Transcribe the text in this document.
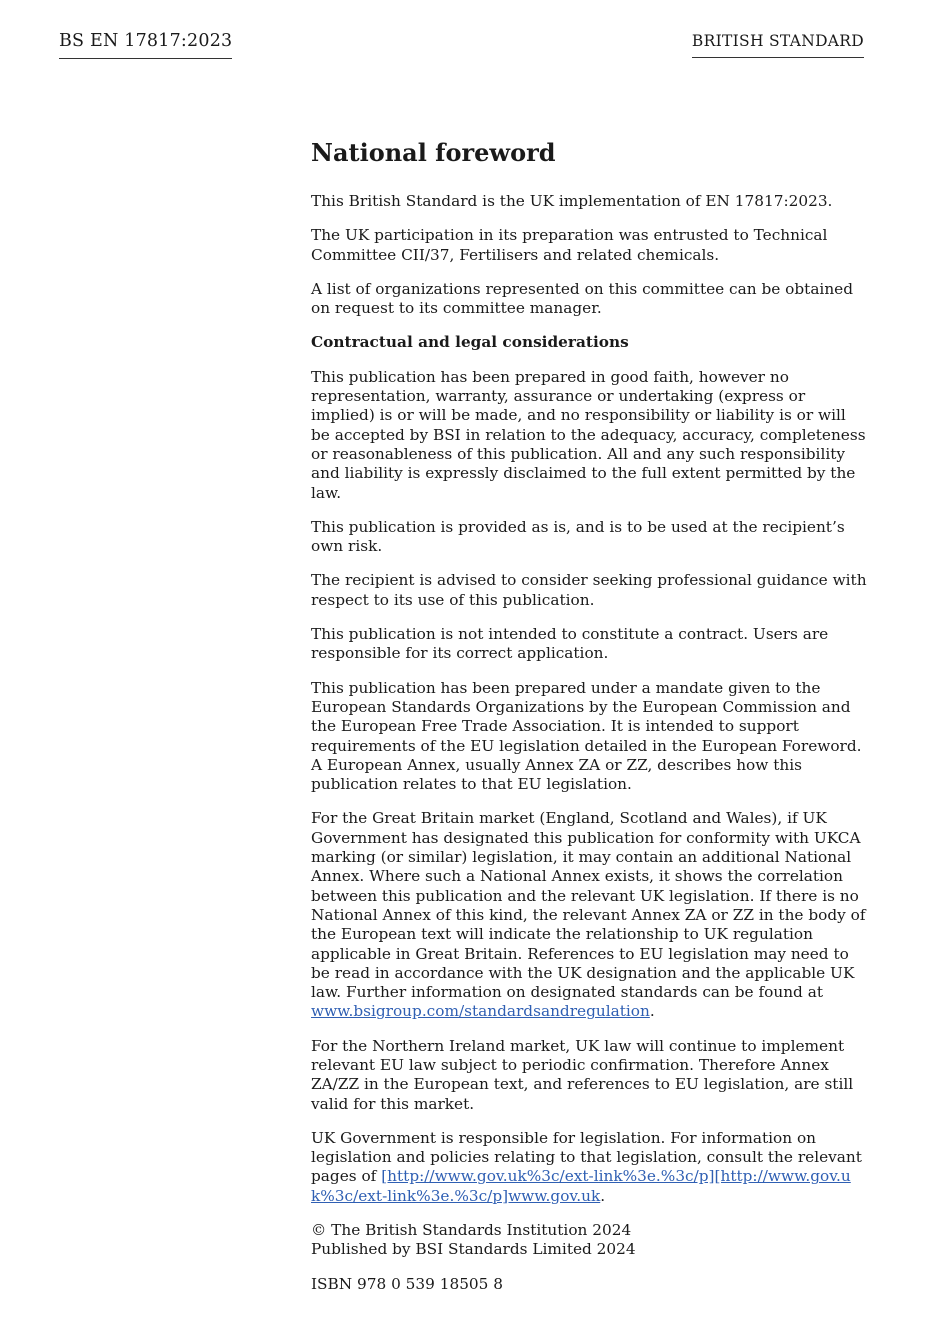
BS EN 17817:2023	BRITISH STANDARD
National foreword

This British Standard is the UK implementation of EN 17817:2023.

The UK participation in its preparation was entrusted to Technical Committee CII/37, Fertilisers and related chemicals.

A list of organizations represented on this committee can be obtained on request to its committee manager.

Contractual and legal considerations

This publication has been prepared in good faith, however no representation, warranty, assurance or undertaking (express or implied) is or will be made, and no responsibility or liability is or will be accepted by BSI in relation to the adequacy, accuracy, completeness or reasonableness of this publication. All and any such responsibility and liability is expressly disclaimed to the full extent permitted by the law.

This publication is provided as is, and is to be used at the recipient’s own risk.

The recipient is advised to consider seeking professional guidance with respect to its use of this publication.

This publication is not intended to constitute a contract. Users are responsible for its correct application.

This publication has been prepared under a mandate given to the European Standards Organizations by the European Commission and the European Free Trade Association. It is intended to support requirements of the EU legislation detailed in the European Foreword. A European Annex, usually Annex ZA or ZZ, describes how this publication relates to that EU legislation.

For the Great Britain market (England, Scotland and Wales), if UK Government has designated this publication for conformity with UKCA marking (or similar) legislation, it may contain an additional National Annex. Where such a National Annex exists, it shows the correlation between this publication and the relevant UK legislation. If there is no National Annex of this kind, the relevant Annex ZA or ZZ in the body of the European text will indicate the relationship to UK regulation applicable in Great Britain. References to EU legislation may need to be read in accordance with the UK designation and the applicable UK law. Further information on designated standards can be found at www.bsigroup.com/standardsandregulation.

For the Northern Ireland market, UK law will continue to implement relevant EU law subject to periodic confirmation. Therefore Annex ZA/ZZ in the European text, and references to EU legislation, are still valid for this market.

UK Government is responsible for legislation. For information on legislation and policies relating to that legislation, consult the relevant pages of [http://www.gov.uk%3c/ext-link%3e.%3c/p][http://www.gov.uk%3c/ext-link%3e.%3c/p]www.gov.uk.

© The British Standards Institution 2024
Published by BSI Standards Limited 2024

ISBN 978 0 539 18505 8
